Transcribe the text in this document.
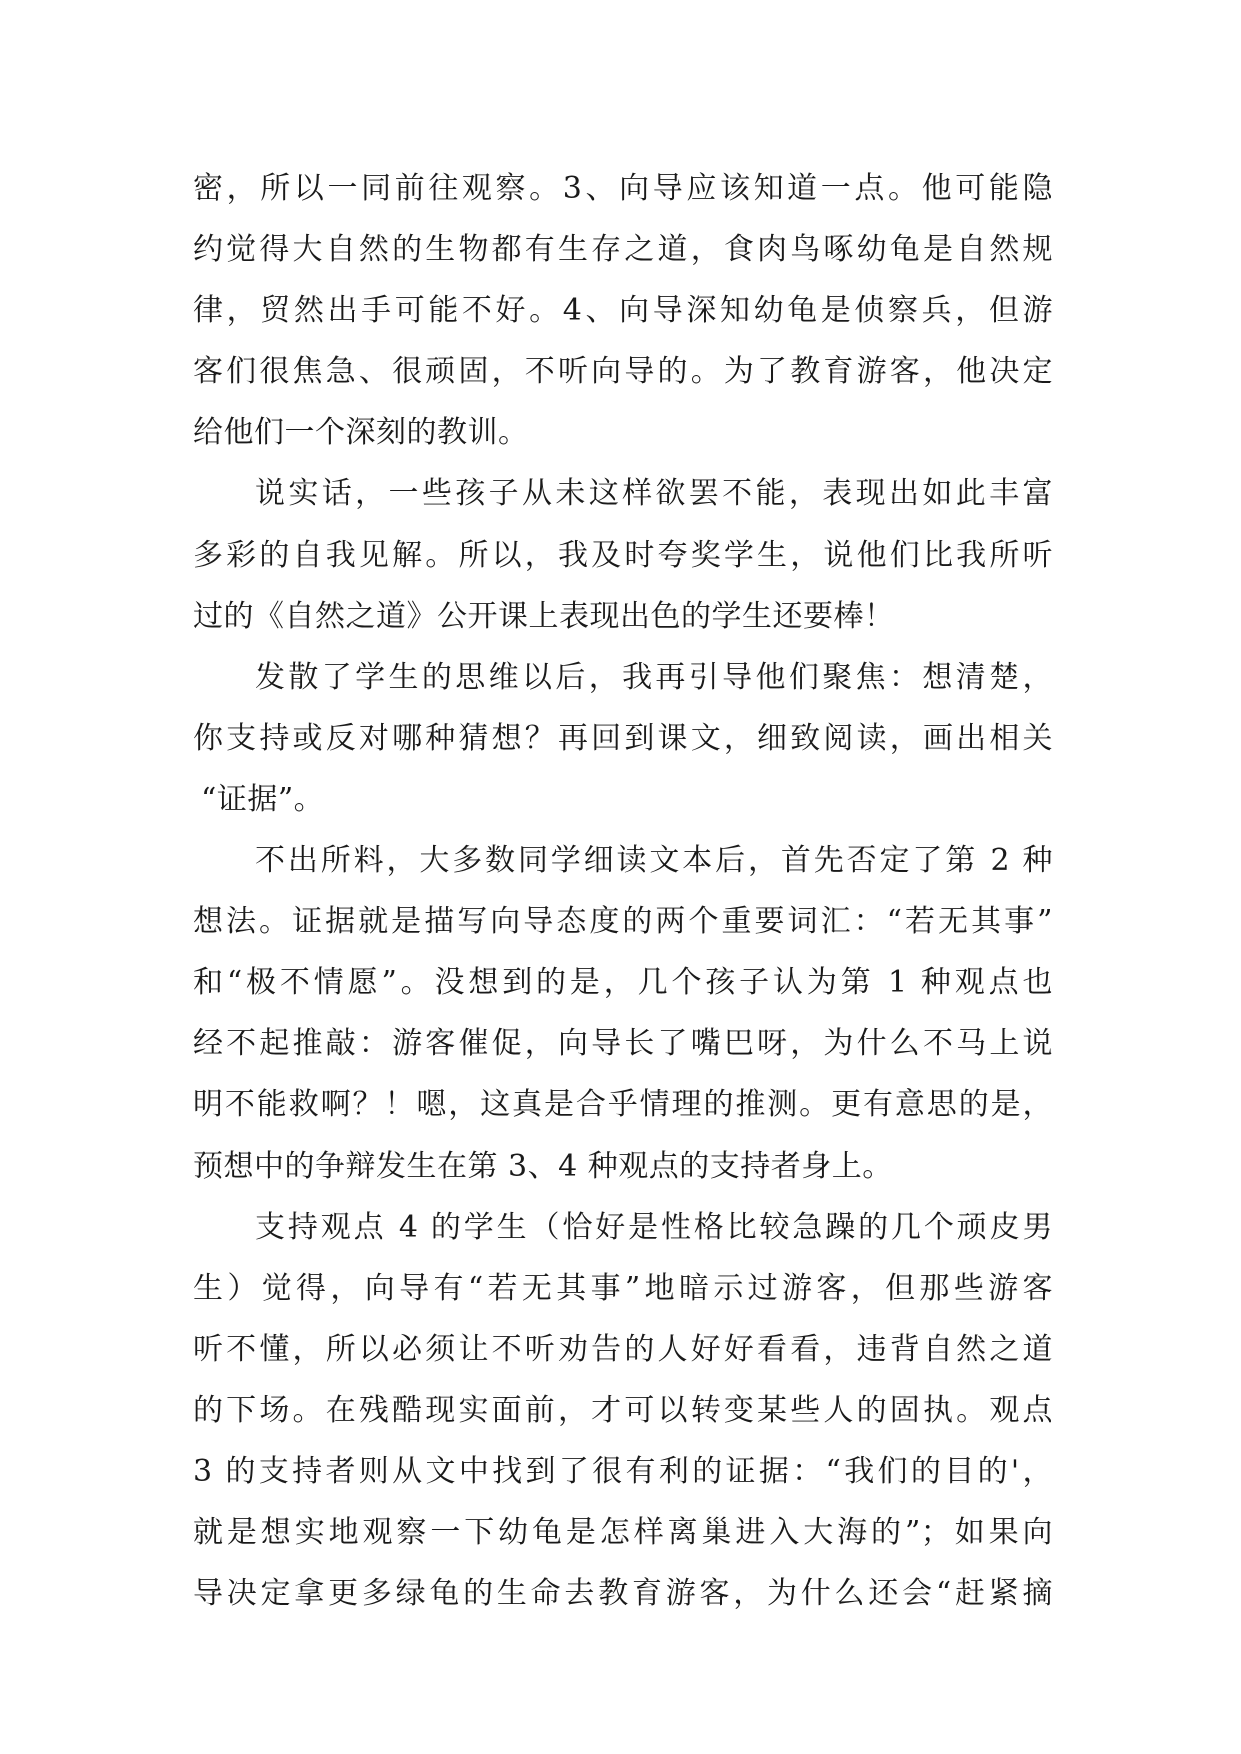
密，所以一同前往观察。3、向导应该知道一点。他可能隐
约觉得大自然的生物都有生存之道，食肉鸟啄幼龟是自然规
律，贸然出手可能不好。4、向导深知幼龟是侦察兵，但游
客们很焦急、很顽固，不听向导的。为了教育游客，他决定
给他们一个深刻的教训。
说实话，一些孩子从未这样欲罢不能，表现出如此丰富
多彩的自我见解。所以，我及时夸奖学生，说他们比我所听
过的《自然之道》公开课上表现出色的学生还要棒！
发散了学生的思维以后，我再引导他们聚焦：想清楚，
你支持或反对哪种猜想？再回到课文，细致阅读，画出相关
“证据”。
不出所料，大多数同学细读文本后，首先否定了第 2 种
想法。证据就是描写向导态度的两个重要词汇：“若无其事”
和“极不情愿”。没想到的是，几个孩子认为第 1 种观点也
经不起推敲：游客催促，向导长了嘴巴呀，为什么不马上说
明不能救啊？！嗯，这真是合乎情理的推测。更有意思的是，
预想中的争辩发生在第 3、4 种观点的支持者身上。
支持观点 4 的学生（恰好是性格比较急躁的几个顽皮男
生）觉得，向导有“若无其事”地暗示过游客，但那些游客
听不懂，所以必须让不听劝告的人好好看看，违背自然之道
的下场。在残酷现实面前，才可以转变某些人的固执。观点
3 的支持者则从文中找到了很有利的证据：“我们的目的'，
就是想实地观察一下幼龟是怎样离巢进入大海的”；如果向
导决定拿更多绿龟的生命去教育游客，为什么还会“赶紧摘
